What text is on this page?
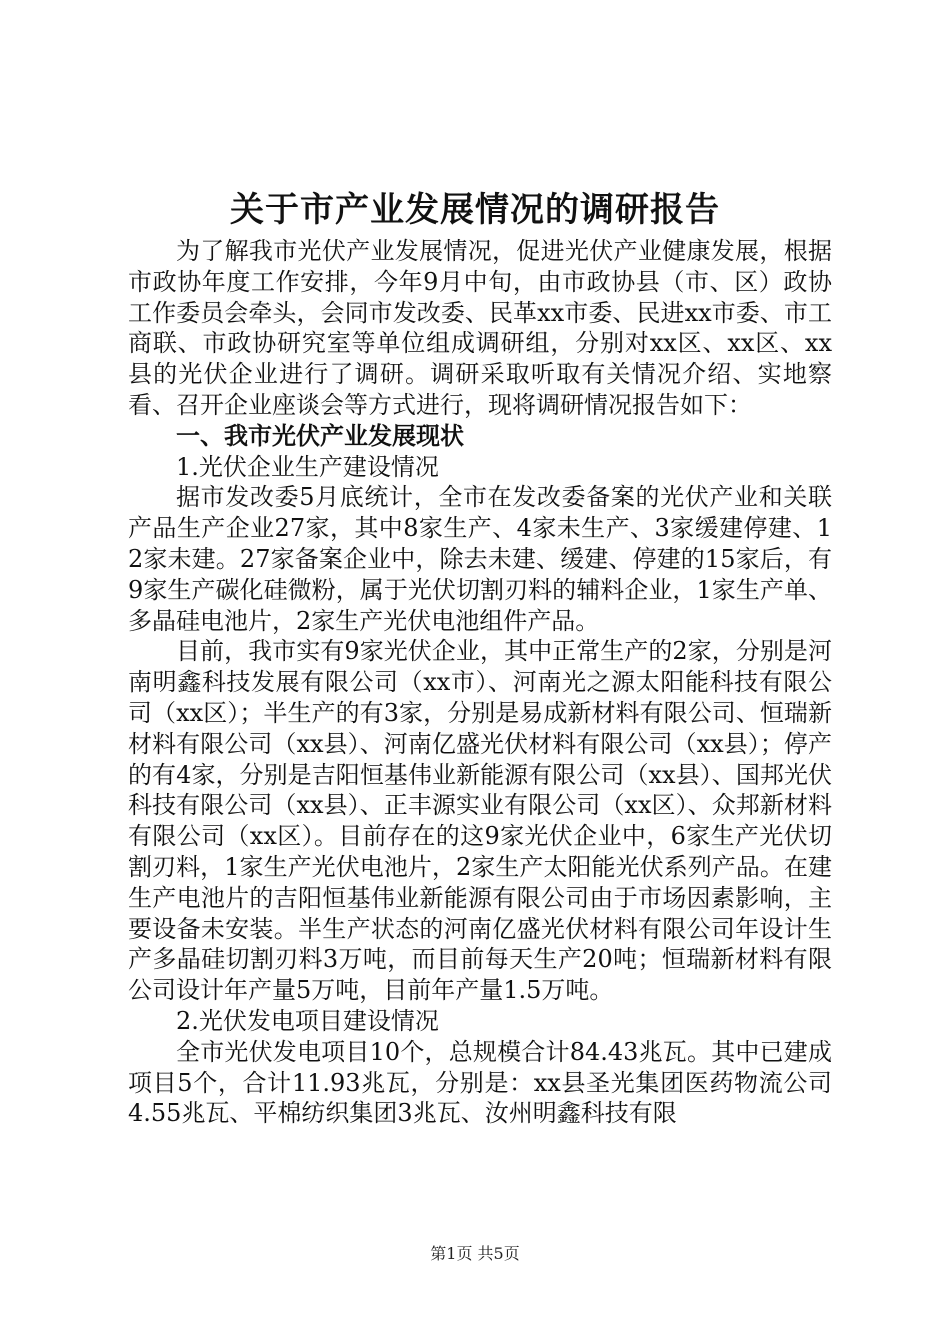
关于市产业发展情况的调研报告

为了解我市光伏产业发展情况，促进光伏产业健康发展，根据市政协年度工作安排，今年9月中旬，由市政协县（市、区）政协工作委员会牵头，会同市发改委、民革xx市委、民进xx市委、市工商联、市政协研究室等单位组成调研组，分别对xx区、xx区、xx县的光伏企业进行了调研。调研采取听取有关情况介绍、实地察看、召开企业座谈会等方式进行，现将调研情况报告如下：

一、我市光伏产业发展现状

1.光伏企业生产建设情况

据市发改委5月底统计，全市在发改委备案的光伏产业和关联产品生产企业27家，其中8家生产、4家未生产、3家缓建停建、12家未建。27家备案企业中，除去未建、缓建、停建的15家后，有9家生产碳化硅微粉，属于光伏切割刃料的辅料企业，1家生产单、多晶硅电池片，2家生产光伏电池组件产品。

目前，我市实有9家光伏企业，其中正常生产的2家，分别是河南明鑫科技发展有限公司（xx市）、河南光之源太阳能科技有限公司（xx区）；半生产的有3家，分别是易成新材料有限公司、恒瑞新材料有限公司（xx县）、河南亿盛光伏材料有限公司（xx县）；停产的有4家，分别是吉阳恒基伟业新能源有限公司（xx县）、国邦光伏科技有限公司（xx县）、正丰源实业有限公司（xx区）、众邦新材料有限公司（xx区）。目前存在的这9家光伏企业中，6家生产光伏切割刃料，1家生产光伏电池片，2家生产太阳能光伏系列产品。在建生产电池片的吉阳恒基伟业新能源有限公司由于市场因素影响，主要设备未安装。半生产状态的河南亿盛光伏材料有限公司年设计生产多晶硅切割刃料3万吨，而目前每天生产20吨；恒瑞新材料有限公司设计年产量5万吨，目前年产量1.5万吨。

2.光伏发电项目建设情况

全市光伏发电项目10个，总规模合计84.43兆瓦。其中已建成项目5个，合计11.93兆瓦，分别是：xx县圣光集团医药物流公司4.55兆瓦、平棉纺织集团3兆瓦、汝州明鑫科技有限

第1页 共5页
